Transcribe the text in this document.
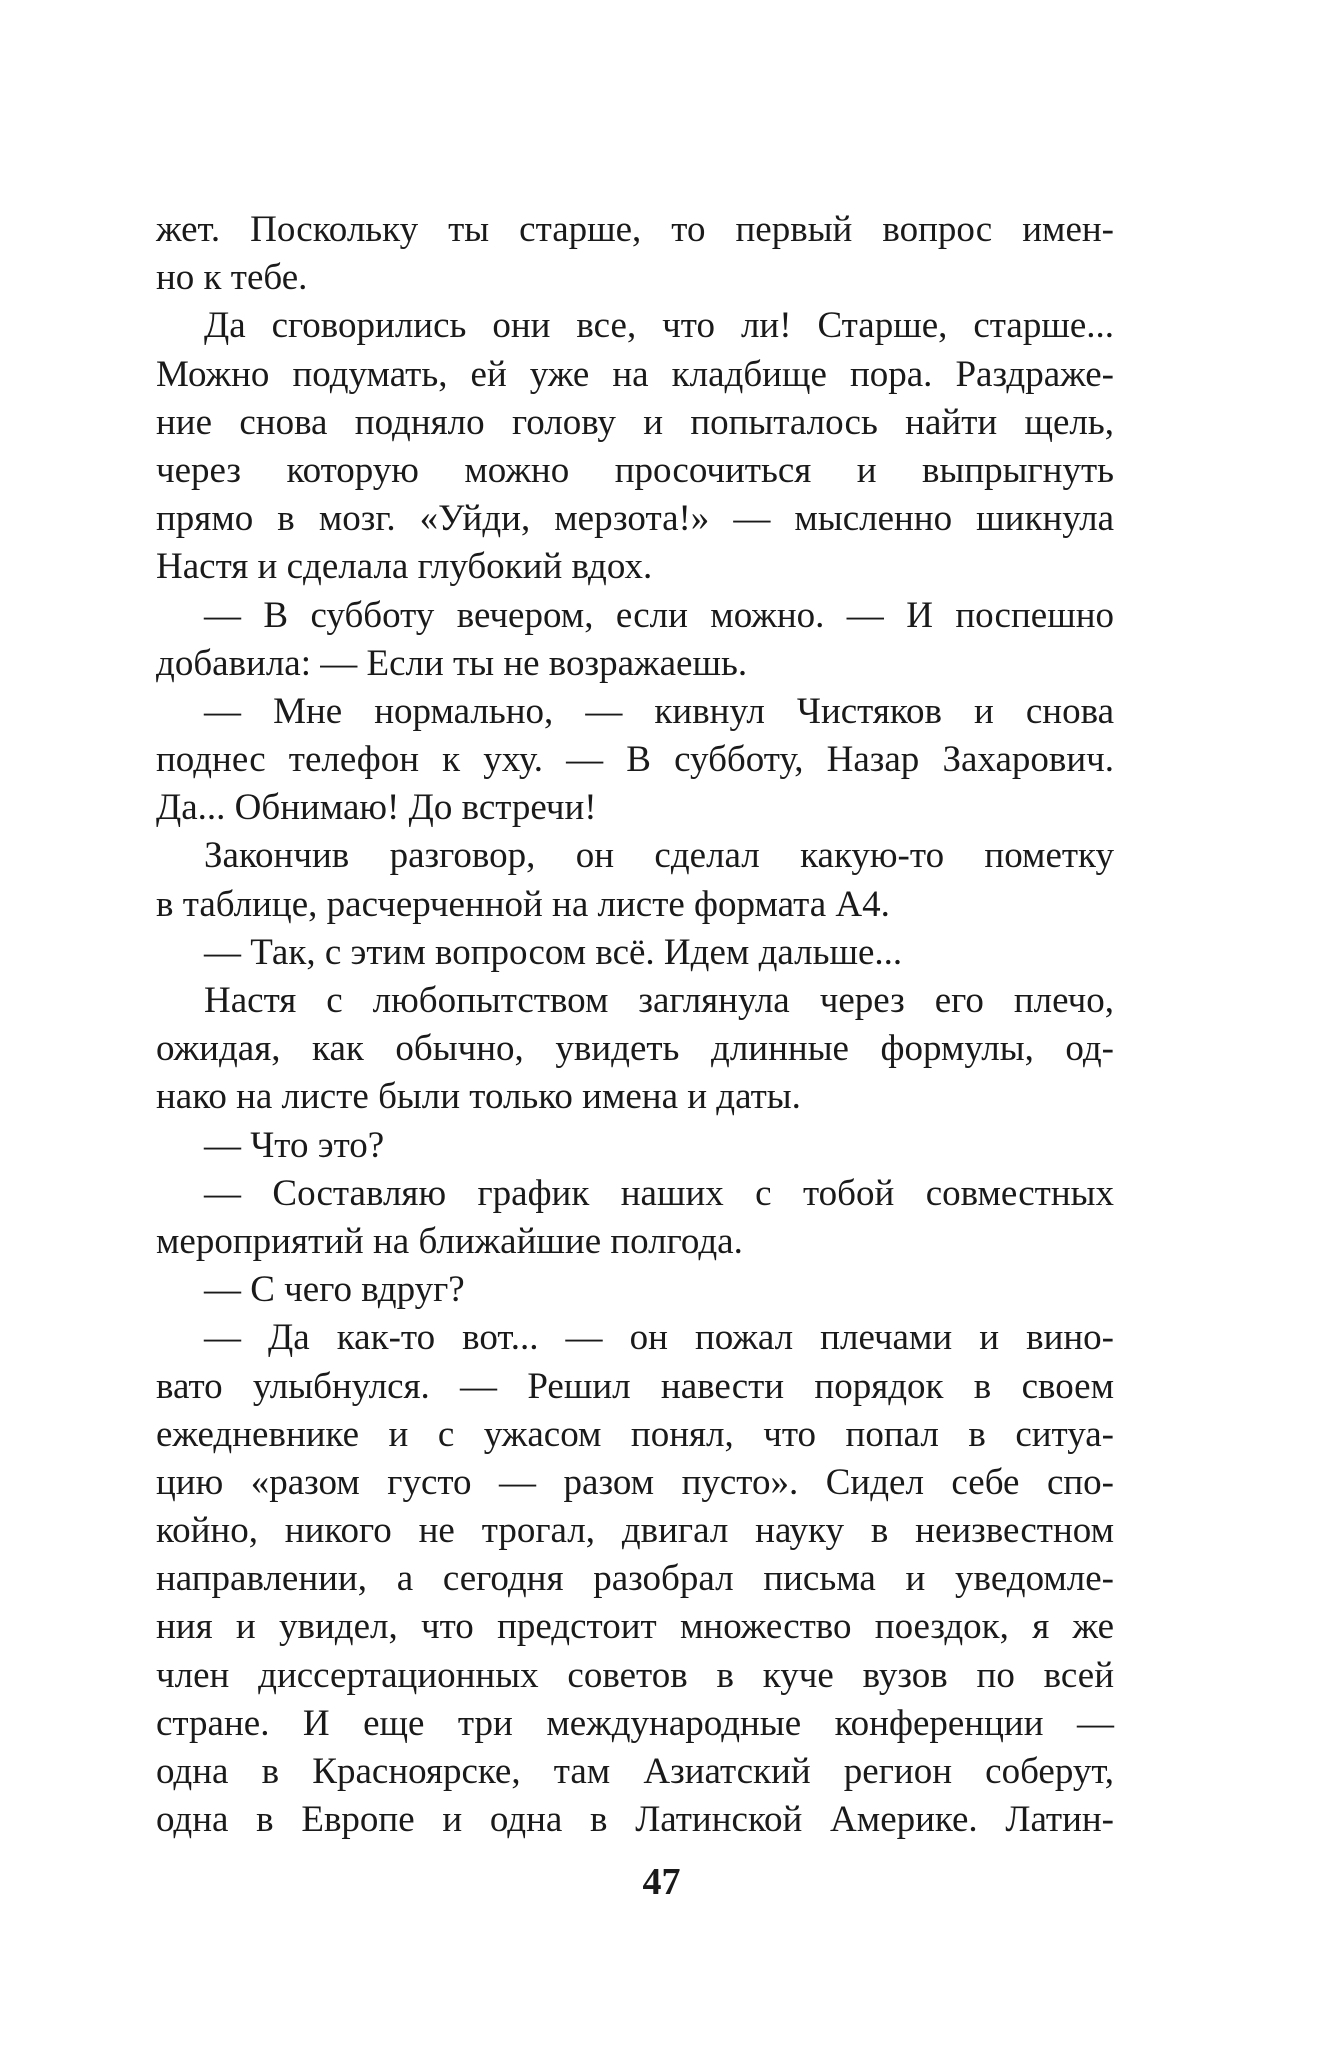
жет. Поскольку ты старше, то первый вопрос имен-
но к тебе.
Да сговорились они все, что ли! Старше, старше...
Можно подумать, ей уже на кладбище пора. Раздраже-
ние снова подняло голову и попыталось найти щель,
через которую можно просочиться и выпрыгнуть
прямо в мозг. «Уйди, мерзота!» — мысленно шикнула
Настя и сделала глубокий вдох.
— В субботу вечером, если можно. — И поспешно
добавила: — Если ты не возражаешь.
— Мне нормально, — кивнул Чистяков и снова
поднес телефон к уху. — В субботу, Назар Захарович.
Да... Обнимаю! До встречи!
Закончив разговор, он сделал какую-то пометку
в таблице, расчерченной на листе формата А4.
— Так, с этим вопросом всё. Идем дальше...
Настя с любопытством заглянула через его плечо,
ожидая, как обычно, увидеть длинные формулы, од-
нако на листе были только имена и даты.
— Что это?
— Составляю график наших с тобой совместных
мероприятий на ближайшие полгода.
— С чего вдруг?
— Да как-то вот... — он пожал плечами и вино-
вато улыбнулся. — Решил навести порядок в своем
ежедневнике и с ужасом понял, что попал в ситуа-
цию «разом густо — разом пусто». Сидел себе спо-
койно, никого не трогал, двигал науку в неизвестном
направлении, а сегодня разобрал письма и уведомле-
ния и увидел, что предстоит множество поездок, я же
член диссертационных советов в куче вузов по всей
стране. И еще три международные конференции —
одна в Красноярске, там Азиатский регион соберут,
одна в Европе и одна в Латинской Америке. Латин-
47
